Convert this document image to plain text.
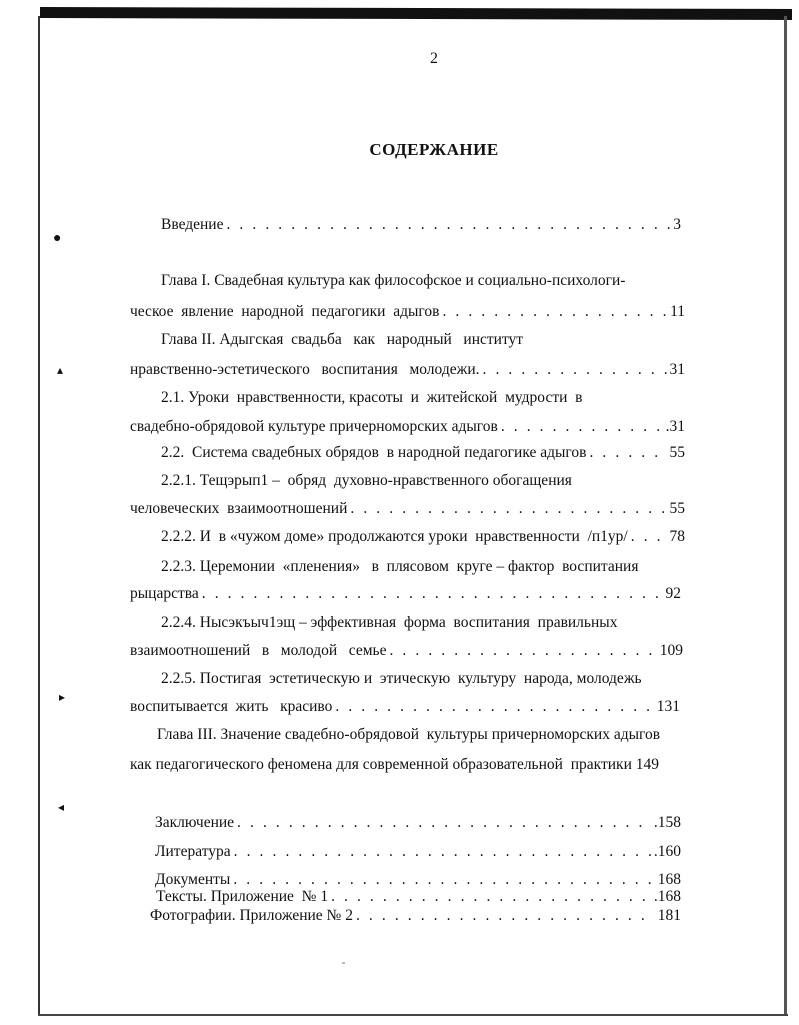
●
▴
▸
◂
2
СОДЕРЖАНИЕ
Введение . . .	3
Глава I. Свадебная культура как философское и социально-психологи-
ческое  явление  народной  педагогики  адыгов . . .	11
Глава II. Адыгская  свадьба   как   народный   институт
нравственно-эстетического   воспитания   молодежи. . . .	31
2.1. Уроки  нравственности, красоты  и  житейской  мудрости  в
свадебно-обрядовой культуре причерноморских адыгов . . .	.31
2.2.  Система свадебных обрядов  в народной педагогике адыгов . . .	55
2.2.1. Тещэрып1 –  обряд  духовно-нравственного обогащения
человеческих  взаимоотношений . . .	55
2.2.2. И  в «чужом доме» продолжаются уроки  нравственности  /п1ур/ . . .	78
2.2.3. Церемонии  «пленения»   в  плясовом  круге – фактор  воспитания
рыцарства . . .	92
2.2.4. Нысэкъыч1эщ – эффективная  форма  воспитания  правильных
взаимоотношений   в   молодой   семье . . .	109
2.2.5. Постигая  эстетическую и  этическую  культуру  народа, молодежь
воспитывается  жить   красиво . . .	131
Глава III. Значение свадебно-обрядовой  культуры причерноморских адыгов
как педагогического феномена для современной образовательной  практики 149
Заключение . . .	.158
Литература . . .	.160
Документы . . .	168
Тексты. Приложение  № 1 . . .	.168
Фотографии. Приложение № 2 . . .	181
